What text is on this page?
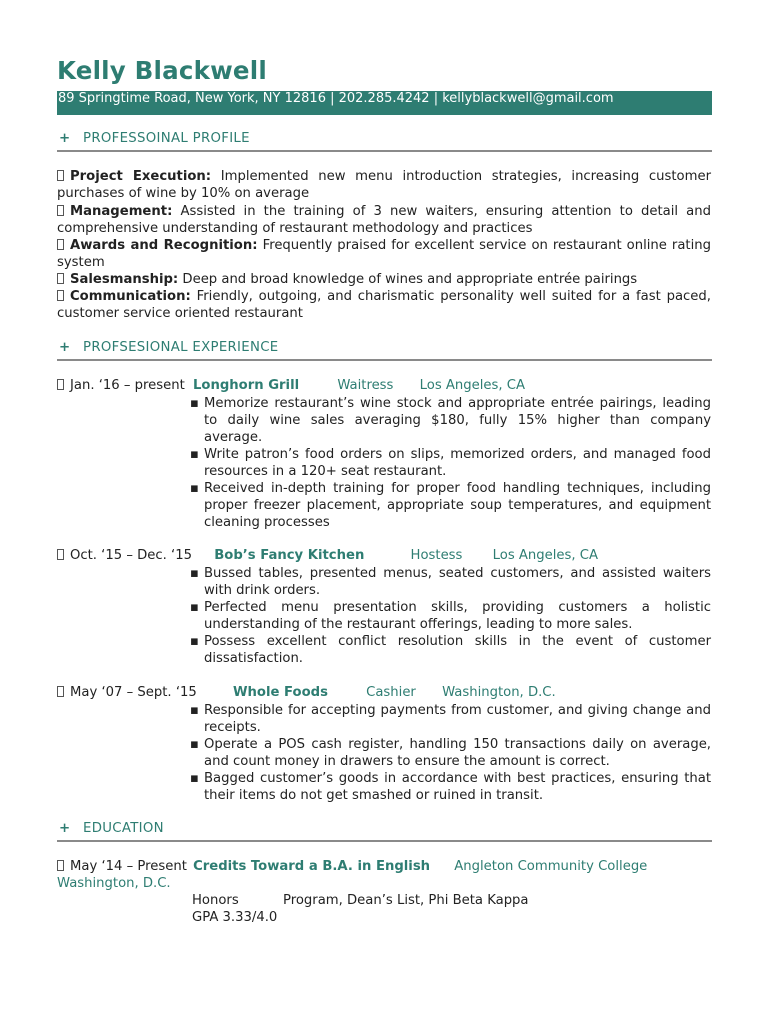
Kelly Blackwell
89 Springtime Road, New York, NY 12816 | 202.285.4242 | kellyblackwell@gmail.com
+ PROFESSOINAL PROFILE
Project Execution: Implemented new menu introduction strategies, increasing customer purchases of wine by 10% on average
Management: Assisted in the training of 3 new waiters, ensuring attention to detail and comprehensive understanding of restaurant methodology and practices
Awards and Recognition: Frequently praised for excellent service on restaurant online rating system
Salesmanship: Deep and broad knowledge of wines and appropriate entrée pairings
Communication: Friendly, outgoing, and charismatic personality well suited for a fast paced, customer service oriented restaurant
+ PROFSESIONAL EXPERIENCE
Jan. ‘16 – present Longhorn Grill	Waitress Los Angeles, CA
▪ Memorize restaurant’s wine stock and appropriate entrée pairings, leading to daily wine sales averaging $180, fully 15% higher than company average.
▪ Write patron’s food orders on slips, memorized orders, and managed food resources in a 120+ seat restaurant.
▪ Received in-depth training for proper food handling techniques, including proper freezer placement, appropriate soup temperatures, and equipment cleaning processes
Oct. ‘15 – Dec. ‘15 Bob’s Fancy Kitchen	Hostess Los Angeles, CA
▪ Bussed tables, presented menus, seated customers, and assisted waiters with drink orders.
▪ Perfected menu presentation skills, providing customers a holistic understanding of the restaurant offerings, leading to more sales.
▪ Possess excellent conflict resolution skills in the event of customer dissatisfaction.
May ‘07 – Sept. ‘15	Whole Foods	Cashier Washington, D.C.
▪ Responsible for accepting payments from customer, and giving change and receipts.
▪ Operate a POS cash register, handling 150 transactions daily on average, and count money in drawers to ensure the amount is correct.
▪ Bagged customer’s goods in accordance with best practices, ensuring that their items do not get smashed or ruined in transit.
+ EDUCATION
May ‘14 – Present Credits Toward a B.A. in English Angleton Community College
Washington, D.C.
Honors	Program, Dean’s List, Phi Beta Kappa
GPA 3.33/4.0
